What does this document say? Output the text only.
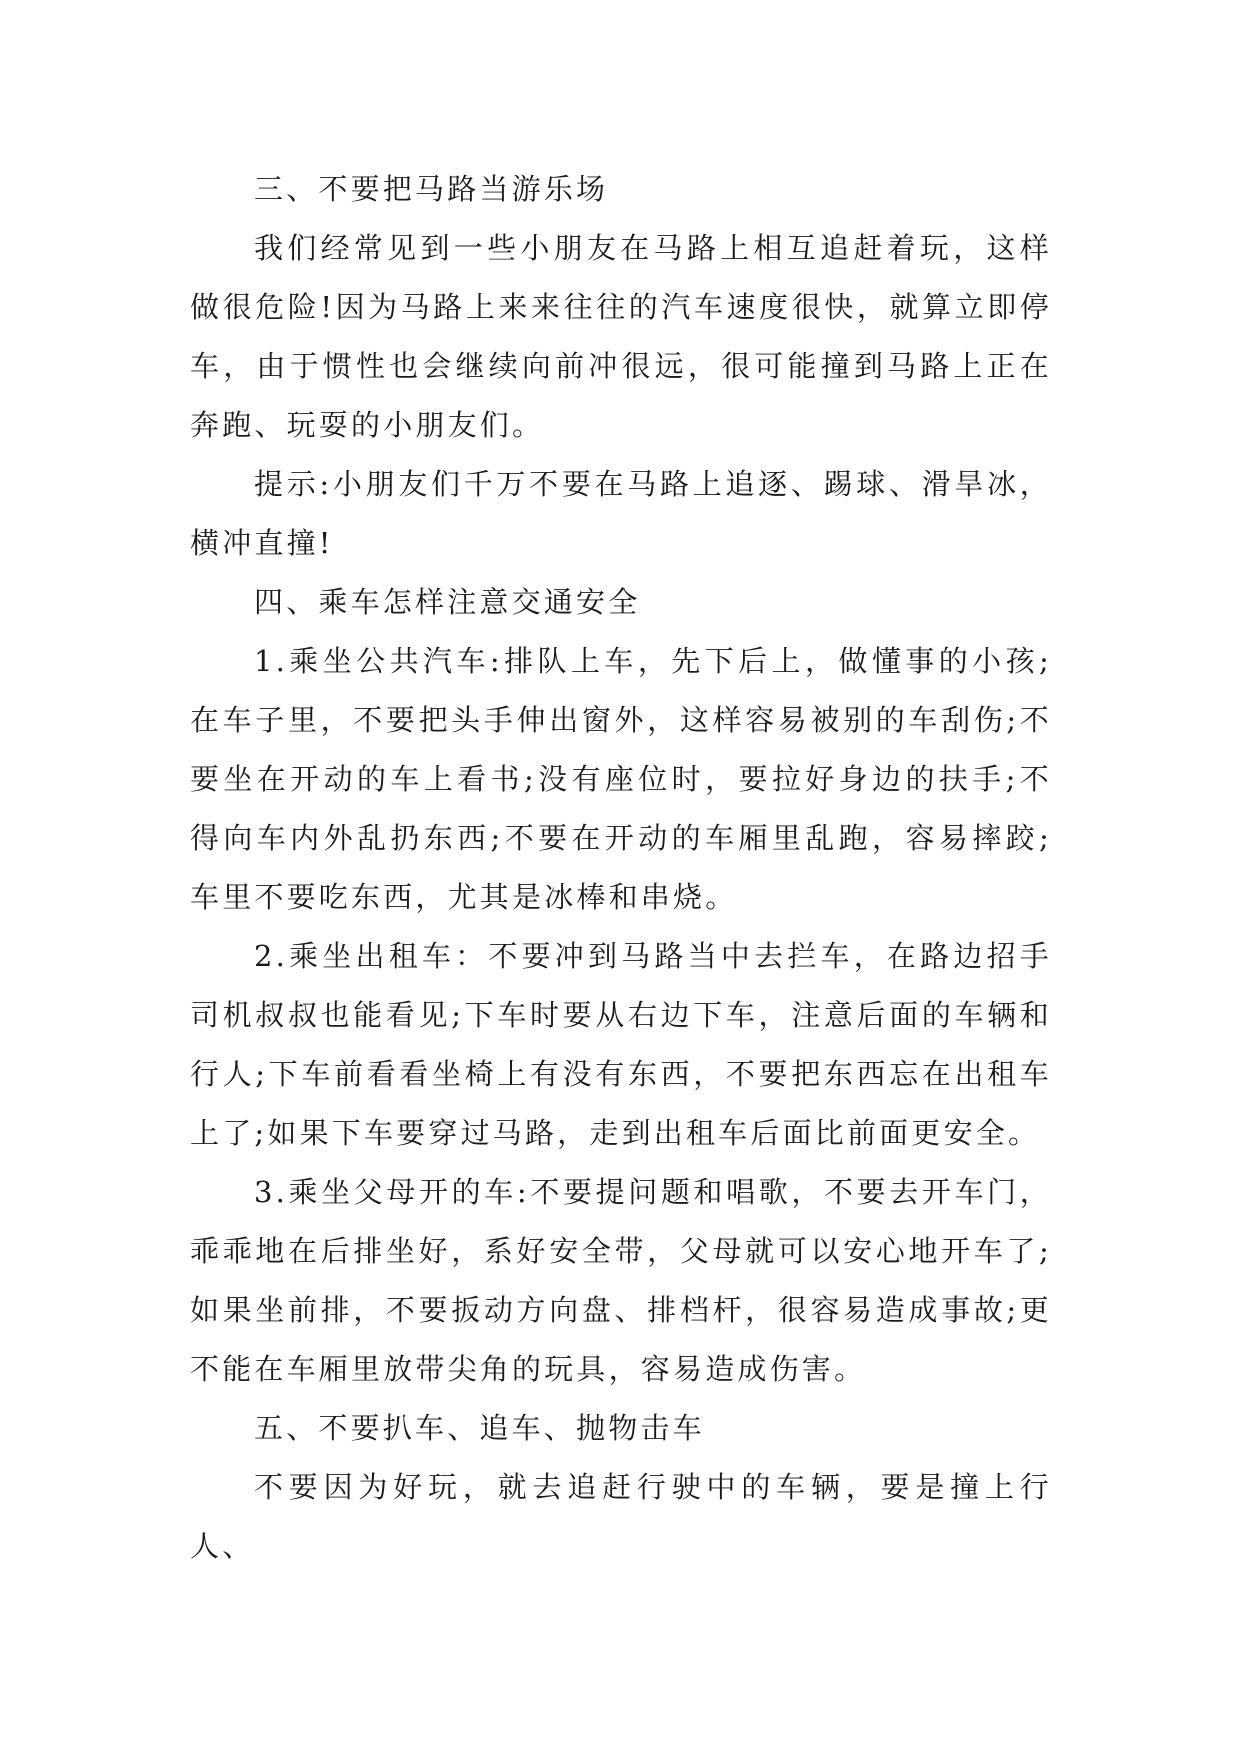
三、不要把马路当游乐场

我们经常见到一些小朋友在马路上相互追赶着玩，这样做很危险!因为马路上来来往往的汽车速度很快，就算立即停车，由于惯性也会继续向前冲很远，很可能撞到马路上正在奔跑、玩耍的小朋友们。

提示:小朋友们千万不要在马路上追逐、踢球、滑旱冰，横冲直撞!

四、乘车怎样注意交通安全

1.乘坐公共汽车:排队上车，先下后上，做懂事的小孩;在车子里，不要把头手伸出窗外，这样容易被别的车刮伤;不要坐在开动的车上看书;没有座位时，要拉好身边的扶手;不得向车内外乱扔东西;不要在开动的车厢里乱跑，容易摔跤;车里不要吃东西，尤其是冰棒和串烧。

2.乘坐出租车：不要冲到马路当中去拦车，在路边招手司机叔叔也能看见;下车时要从右边下车，注意后面的车辆和行人;下车前看看坐椅上有没有东西，不要把东西忘在出租车上了;如果下车要穿过马路，走到出租车后面比前面更安全。

3.乘坐父母开的车:不要提问题和唱歌，不要去开车门，乖乖地在后排坐好，系好安全带，父母就可以安心地开车了;如果坐前排，不要扳动方向盘、排档杆，很容易造成事故;更不能在车厢里放带尖角的玩具，容易造成伤害。

五、不要扒车、追车、抛物击车

不要因为好玩，就去追赶行驶中的车辆，要是撞上行人、
